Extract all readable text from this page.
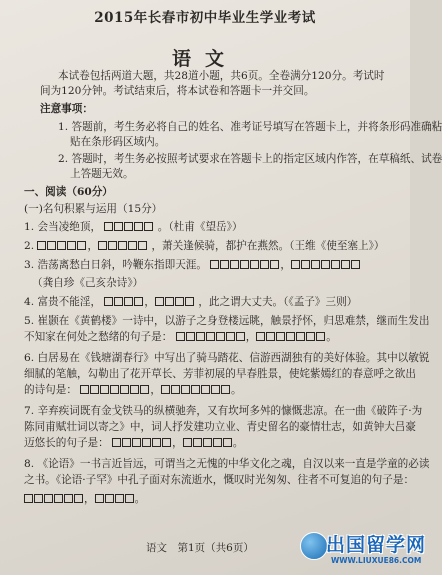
2015年长春市初中毕业生学业考试
语文
本试卷包括两道大题，共28道小题，共6页。全卷满分120分。考试时
间为120分钟。考试结束后，将本试卷和答题卡一并交回。
注意事项：
1. 答题前，考生务必将自己的姓名、准考证号填写在答题卡上，并将条形码准确粘
贴在条形码区域内。
2. 答题时，考生务必按照考试要求在答题卡上的指定区域内作答，在草稿纸、试卷
上答题无效。
一、阅读（60分）
(一)名句积累与运用（15分）
1. 会当凌绝顶，	。（杜甫《望岳》）
2.	，	，萧关逢候骑，都护在燕然。（王维《使至塞上》）
3. 浩荡离愁白日斜，吟鞭东指即天涯。	，
（龚自珍《己亥杂诗》）
4. 富贵不能淫，	，	，此之谓大丈夫。（《孟子》三则）
5. 崔颢在《黄鹤楼》一诗中，以游子之身登楼远眺，触景抒怀，归思难禁，继而生发出
不知家在何处之愁绪的句子是：	，	。
6. 白居易在《钱塘湖春行》中写出了骑马踏花、信游西湖独有的美好体验。其中以敏锐
细腻的笔触，勾勒出了花开草长、芳菲初展的早春胜景，使姹紫嫣红的春意呼之欲出
的诗句是：	，	。
7. 辛弃疾词既有金戈铁马的纵横驰奔，又有坎坷多舛的慷慨悲凉。在一曲《破阵子·为
陈同甫赋壮词以寄之》中，词人抒发建功立业、青史留名的豪情壮志，如黄钟大吕豪
迈悠长的句子是：	，	。
8. 《论语》一书言近旨远，可谓当之无愧的中华文化之魂，自汉以来一直是学童的必读
之书。《论语·子罕》中孔子面对东流逝水，慨叹时光匆匆、往者不可复追的句子是：
，	。
语文　第1页（共6页）	出国留学网
WWW.LIUXUE86.COM
